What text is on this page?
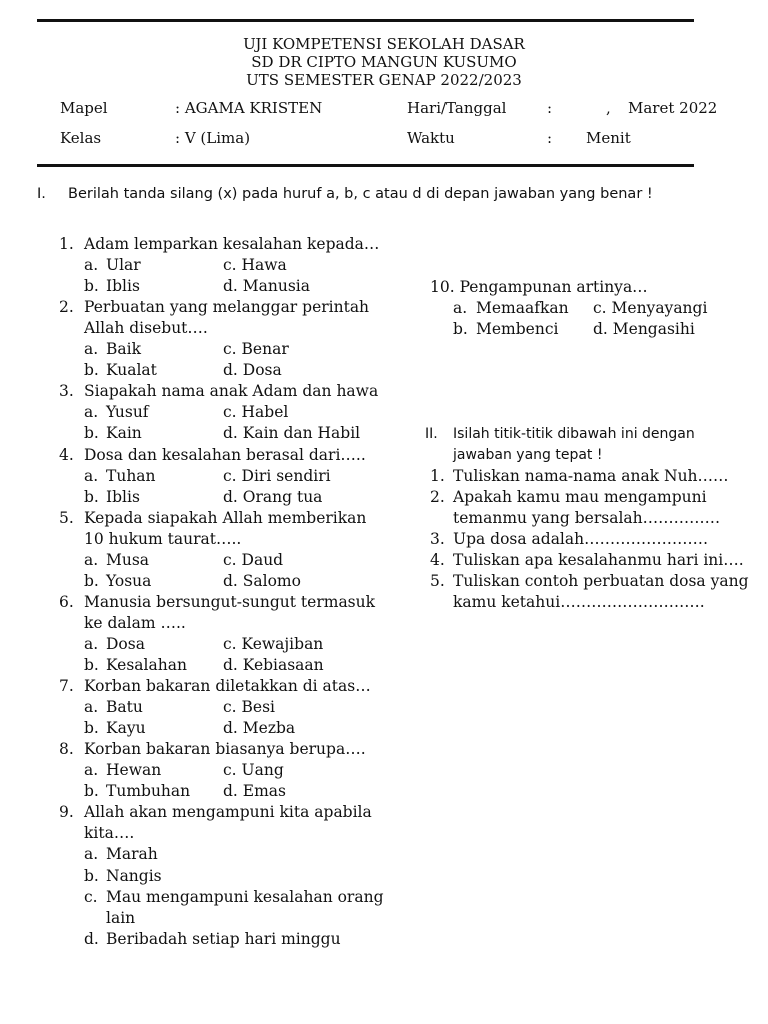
UJI KOMPETENSI SEKOLAH DASAR
SD DR CIPTO MANGUN KUSUMO
UTS SEMESTER GENAP 2022/2023
Mapel	: AGAMA KRISTEN	Hari/Tanggal	:	, Maret 2022
Kelas	: V (Lima)	Waktu	: Menit
I. Berilah tanda silang (x) pada huruf a, b, c atau d di depan jawaban yang benar !
1. Adam lemparkan kesalahan kepada…
a. Ular	c. Hawa
b. Iblis	d. Manusia
2. Perbuatan yang melanggar perintah
Allah disebut….
a. Baik	c. Benar
b. Kualat	d. Dosa
3. Siapakah nama anak Adam dan hawa
a. Yusuf	c. Habel
b. Kain	d. Kain dan Habil
4. Dosa dan kesalahan berasal dari…..
a. Tuhan	c. Diri sendiri
b. Iblis	d. Orang tua
5. Kepada siapakah Allah memberikan
10 hukum taurat…..
a. Musa	c. Daud
b. Yosua	d. Salomo
6. Manusia bersungut-sungut termasuk
ke dalam …..
a. Dosa	c. Kewajiban
b. Kesalahan d. Kebiasaan
7. Korban bakaran diletakkan di atas…
a. Batu	c. Besi
b. Kayu	d. Mezba
8. Korban bakaran biasanya berupa….
a. Hewan	c. Uang
b. Tumbuhan d. Emas
9. Allah akan mengampuni kita apabila
kita….
a. Marah
b. Nangis
c. Mau mengampuni kesalahan orang
lain
d. Beribadah setiap hari minggu
10. Pengampunan artinya…
a. Memaafkan c. Menyayangi
b. Membenci d. Mengasihi
II. Isilah titik-titik dibawah ini dengan
jawaban yang tepat !
1. Tuliskan nama-nama anak Nuh……
2. Apakah kamu mau mengampuni
temanmu yang bersalah……………
3. Upa dosa adalah……………………
4. Tuliskan apa kesalahanmu hari ini….
5. Tuliskan contoh perbuatan dosa yang
kamu ketahui……………………….
